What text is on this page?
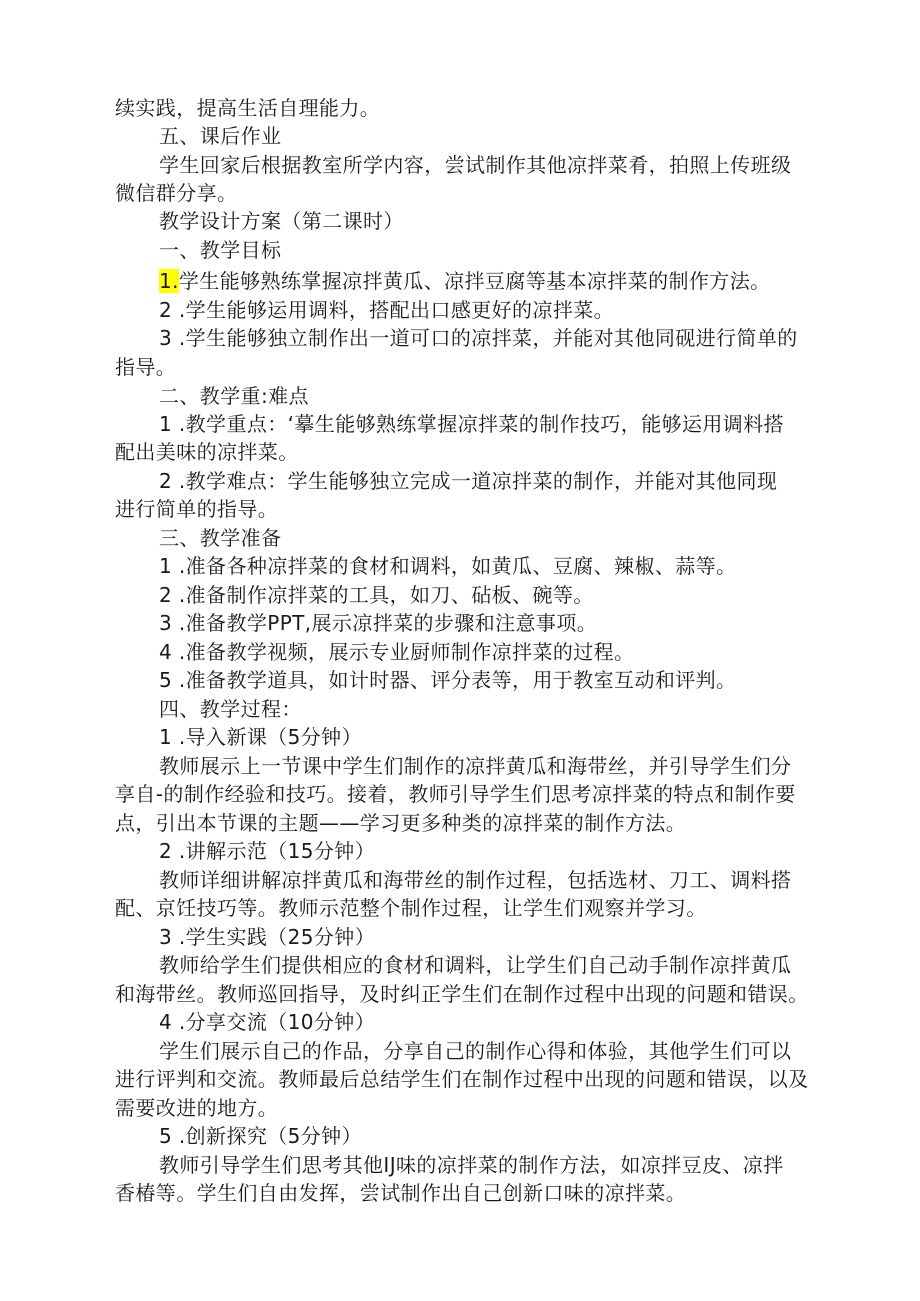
续实践，提高生活自理能力。
五、课后作业
学生回家后根据教室所学内容，尝试制作其他凉拌菜肴，拍照上传班级
微信群分享。
教学设计方案（第二课时）
一、教学目标
1.学生能够熟练掌握凉拌黄瓜、凉拌豆腐等基本凉拌菜的制作方法。
2 .学生能够运用调料，搭配出口感更好的凉拌菜。
3 .学生能够独立制作出一道可口的凉拌菜，并能对其他同砚进行简单的
指导。
二、教学重:难点
1 .教学重点：‘摹生能够熟练掌握凉拌菜的制作技巧，能够运用调料搭
配出美味的凉拌菜。
2 .教学难点：学生能够独立完成一道凉拌菜的制作，并能对其他同现
进行简单的指导。
三、教学准备
1 .准备各种凉拌菜的食材和调料，如黄瓜、豆腐、辣椒、蒜等。
2 .准备制作凉拌菜的工具，如刀、砧板、碗等。
3 .准备教学PPT,展示凉拌菜的步骤和注意事项。
4 .准备教学视频，展示专业厨师制作凉拌菜的过程。
5 .准备教学道具，如计时器、评分表等，用于教室互动和评判。
四、教学过程：
1 .导入新课（5分钟）
教师展示上一节课中学生们制作的凉拌黄瓜和海带丝，并引导学生们分
享自-的制作经验和技巧。接着，教师引导学生们思考凉拌菜的特点和制作要
点，引出本节课的主题——学习更多种类的凉拌菜的制作方法。
2 .讲解示范（15分钟）
教师详细讲解凉拌黄瓜和海带丝的制作过程，包括选材、刀工、调料搭
配、京饪技巧等。教师示范整个制作过程，让学生们观察并学习。
3 .学生实践（25分钟）
教师给学生们提供相应的食材和调料，让学生们自己动手制作凉拌黄瓜
和海带丝。教师巡回指导，及时纠正学生们在制作过程中出现的问题和错误。
4 .分享交流（10分钟）
学生们展示自己的作品，分享自己的制作心得和体验，其他学生们可以
进行评判和交流。教师最后总结学生们在制作过程中出现的问题和错误，以及
需要改进的地方。
5 .创新探究（5分钟）
教师引导学生们思考其他IJ味的凉拌菜的制作方法，如凉拌豆皮、凉拌
香椿等。学生们自由发挥，尝试制作出自己创新口味的凉拌菜。
